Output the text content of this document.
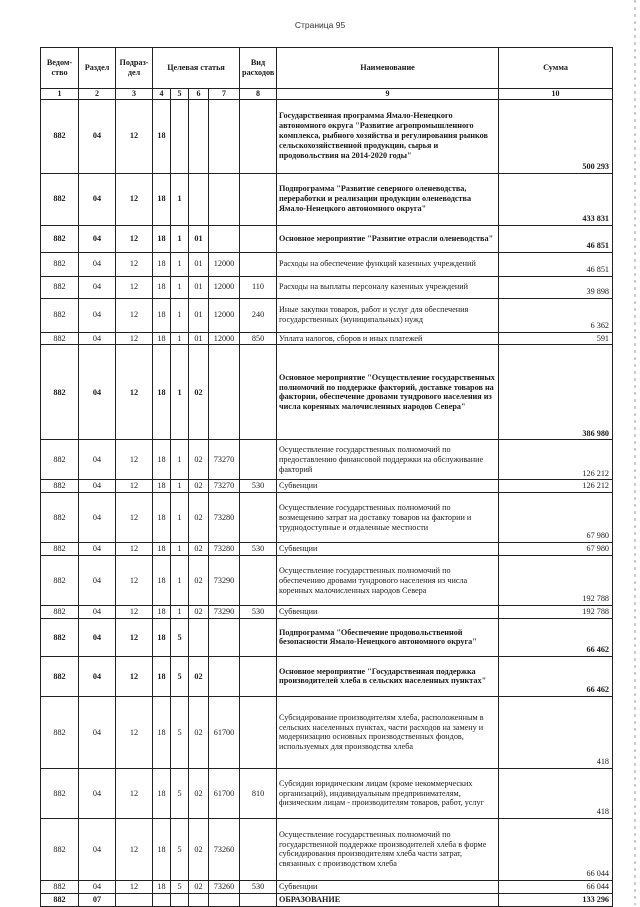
Страница 95
Ведом-ство	Раздел	Подраз-дел	Целевая статья				Вид расходов	Наименование	Сумма
1	2	3	4	5	6	7	8	9	10
882	04	12	18					Государственная программа Ямало-Ненецкого автономного округа "Развитие агропромышленного комплекса, рыбного хозяйства и регулирования рынков сельскохозяйственной продукции, сырья и продовольствия на 2014-2020 годы"	500 293
882	04	12	18	1				Подпрограмма "Развитие северного оленеводства, переработки и реализации продукции оленеводства Ямало-Ненецкого автономного округа"	433 831
882	04	12	18	1	01			Основное мероприятие "Развитие отрасли оленеводства"	46 851
882	04	12	18	1	01	12000		Расходы на обеспечение функций казенных учреждений	46 851
882	04	12	18	1	01	12000	110	Расходы на выплаты персоналу казенных учреждений	39 898
882	04	12	18	1	01	12000	240	Иные закупки товаров, работ и услуг для обеспечения государственных (муниципальных) нужд	6 362
882	04	12	18	1	01	12000	850	Уплата налогов, сборов и иных платежей	591
882	04	12	18	1	02			Основное мероприятие "Осуществление государственных полномочий по поддержке факторий, доставке товаров на фактории, обеспечение дровами тундрового населения из числа коренных малочисленных народов Севера"	386 980
882	04	12	18	1	02	73270		Осуществление государственных полномочий по предоставлению финансовой поддержки на обслуживание факторий	126 212
882	04	12	18	1	02	73270	530	Субвенции	126 212
882	04	12	18	1	02	73280		Осуществление государственных полномочий по возмещению затрат на доставку товаров на фактории и труднодоступные и отдаленные местности	67 980
882	04	12	18	1	02	73280	530	Субвенции	67 980
882	04	12	18	1	02	73290		Осуществление государственных полномочий по обеспечению дровами тундрового населения из числа коренных малочисленных народов Севера	192 788
882	04	12	18	1	02	73290	530	Субвенции	192 788
882	04	12	18	5				Подпрограмма "Обеспечение продовольственной безопасности Ямало-Ненецкого автономного округа"	66 462
882	04	12	18	5	02			Основное мероприятие "Государственная поддержка производителей хлеба в сельских населенных пунктах"	66 462
882	04	12	18	5	02	61700		Субсидирование производителям хлеба, расположенным в сельских населенных пунктах, части расходов на замену и модернизацию основных производственных фондов, используемых для производства хлеба	418
882	04	12	18	5	02	61700	810	Субсидии юридическим лицам (кроме некоммерческих организаций), индивидуальным предпринимателям, физическим лицам - производителям товаров, работ, услуг	418
882	04	12	18	5	02	73260		Осуществление государственных полномочий по государственной поддержке производителей хлеба в форме субсидирования производителям хлеба части затрат, связанных с производством хлеба	66 044
882	04	12	18	5	02	73260	530	Субвенции	66 044
882	07							ОБРАЗОВАНИЕ	133 296
